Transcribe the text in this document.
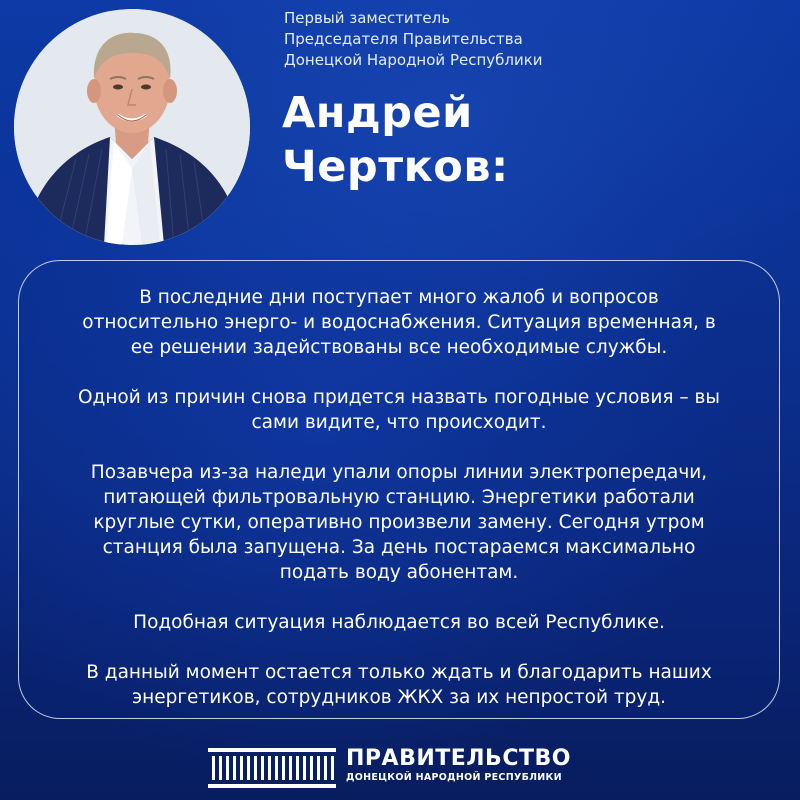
Первый заместитель
Председателя Правительства
Донецкой Народной Республики
Андрей
Чертков:

В последние дни поступает много жалоб и вопросов
относительно энерго- и водоснабжения. Ситуация временная, в
ее решении задействованы все необходимые службы.

Одной из причин снова придется назвать погодные условия – вы
сами видите, что происходит.

Позавчера из-за наледи упали опоры линии электропередачи,
питающей фильтровальную станцию. Энергетики работали
круглые сутки, оперативно произвели замену. Сегодня утром
станция была запущена. За день постараемся максимально
подать воду абонентам.

Подобная ситуация наблюдается во всей Республике.

В данный момент остается только ждать и благодарить наших
энергетиков, сотрудников ЖКХ за их непростой труд.

ПРАВИТЕЛЬСТВО
ДОНЕЦКОЙ НАРОДНОЙ РЕСПУБЛИКИ
